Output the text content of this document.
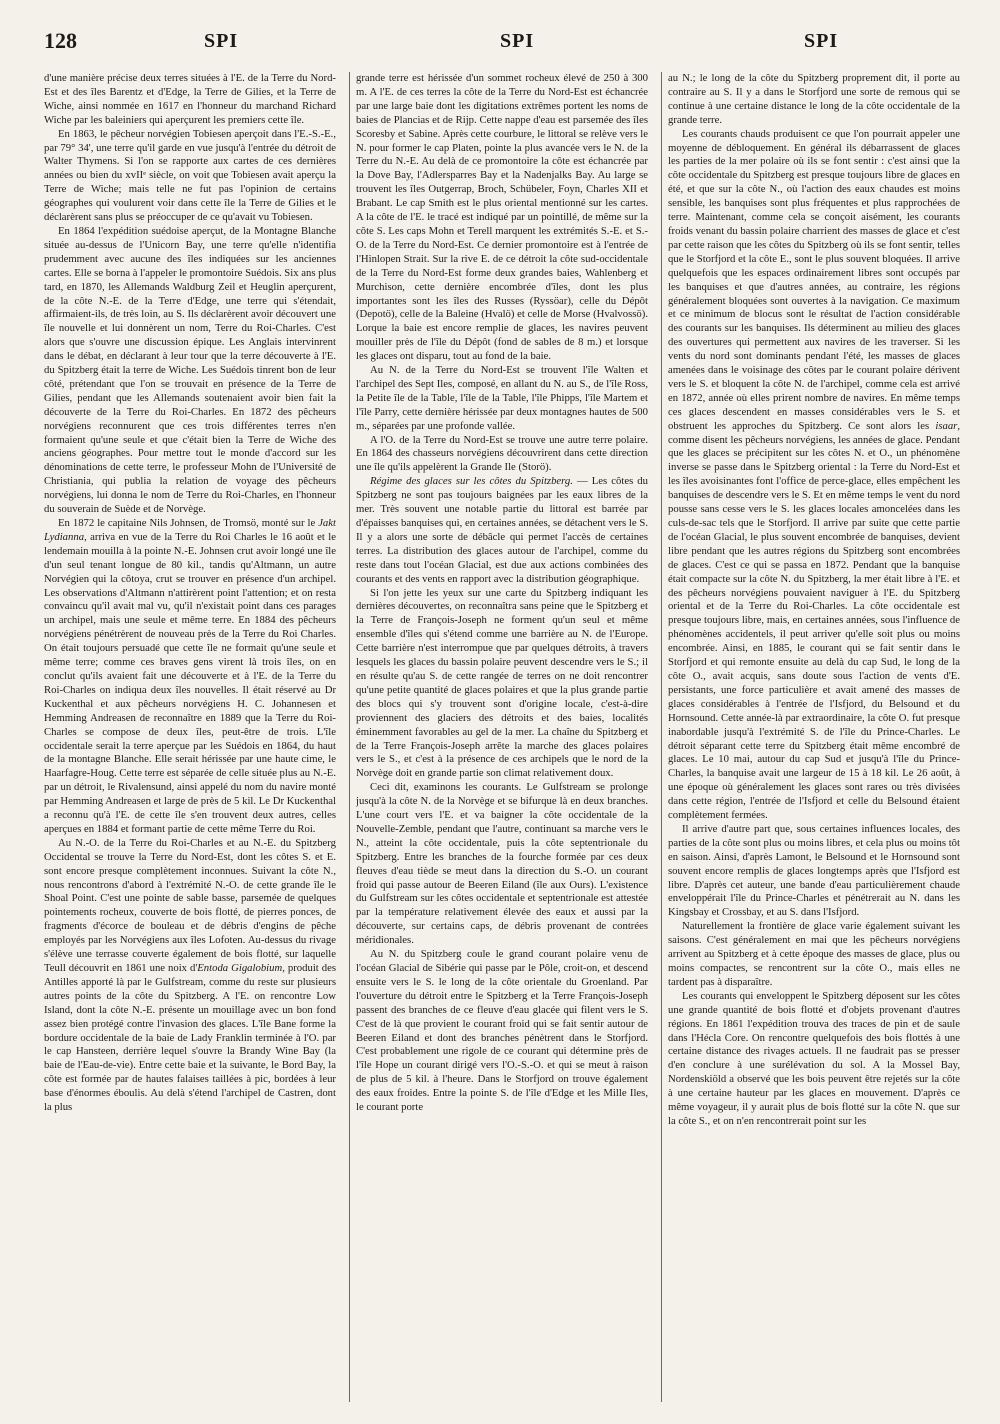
128	SPI	SPI	SPI

d'une manière précise deux terres situées à l'E. de la Terre du Nord-Est et des îles Barentz et d'Edge, la Terre de Gilies, et la Terre de Wiche, ainsi nommée en 1617 en l'honneur du marchand Richard Wiche par les baleiniers qui aperçurent les premiers cette île.

En 1863, le pêcheur norvégien Tobiesen aperçoit dans l'E.-S.-E., par 79° 34', une terre qu'il garde en vue jusqu'à l'entrée du détroit de Walter Thymens. Si l'on se rapporte aux cartes de ces dernières années ou bien du xvIIᵉ siècle, on voit que Tobiesen avait aperçu la Terre de Wiche; mais telle ne fut pas l'opinion de certains géographes qui voulurent voir dans cette île la Terre de Gilies et le déclarèrent sans plus se préoccuper de ce qu'avait vu Tobiesen.

En 1864 l'expédition suédoise aperçut, de la Montagne Blanche située au-dessus de l'Unicorn Bay, une terre qu'elle n'identifia prudemment avec aucune des îles indiquées sur les anciennes cartes. Elle se borna à l'appeler le promontoire Suédois. Six ans plus tard, en 1870, les Allemands Waldburg Zeil et Heuglin aperçurent, de la côte N.-E. de la Terre d'Edge, une terre qui s'étendait, affirmaient-ils, de très loin, au S. Ils déclarèrent avoir découvert une île nouvelle et lui donnèrent un nom, Terre du Roi-Charles. C'est alors que s'ouvre une discussion épique. Les Anglais intervinrent dans le débat, en déclarant à leur tour que la terre découverte à l'E. du Spitzberg était la terre de Wiche. Les Suédois tinrent bon de leur côté, prétendant que l'on se trouvait en présence de la Terre de Gilies, pendant que les Allemands soutenaient avoir bien fait la découverte de la Terre du Roi-Charles. En 1872 des pêcheurs norvégiens reconnurent que ces trois différentes terres n'en formaient qu'une seule et que c'était bien la Terre de Wiche des anciens géographes. Pour mettre tout le monde d'accord sur les dénominations de cette terre, le professeur Mohn de l'Université de Christiania, qui publia la relation de voyage des pêcheurs norvégiens, lui donna le nom de Terre du Roi-Charles, en l'honneur du souverain de Suède et de Norvège.

En 1872 le capitaine Nils Johnsen, de Tromsö, monté sur le Jakt Lydianna, arriva en vue de la Terre du Roi Charles le 16 août et le lendemain mouilla à la pointe N.-E. Johnsen crut avoir longé une île d'un seul tenant longue de 80 kil., tandis qu'Altmann, un autre Norvégien qui la côtoya, crut se trouver en présence d'un archipel. Les observations d'Altmann n'attirèrent point l'attention; et on resta convaincu qu'il avait mal vu, qu'il n'existait point dans ces parages un archipel, mais une seule et même terre. En 1884 des pêcheurs norvégiens pénétrèrent de nouveau près de la Terre du Roi Charles. On était toujours persuadé que cette île ne formait qu'une seule et même terre; comme ces braves gens virent là trois îles, on en conclut qu'ils avaient fait une découverte et à l'E. de la Terre du Roi-Charles on indiqua deux îles nouvelles. Il était réservé au Dr Kuckenthal et aux pêcheurs norvégiens H. C. Johannesen et Hemming Andreasen de reconnaître en 1889 que la Terre du Roi-Charles se compose de deux îles, peut-être de trois. L'île occidentale serait la terre aperçue par les Suédois en 1864, du haut de la montagne Blanche. Elle serait hérissée par une haute cime, le Haarfagre-Houg. Cette terre est séparée de celle située plus au N.-E. par un détroit, le Rivalensund, ainsi appelé du nom du navire monté par Hemming Andreasen et large de près de 5 kil. Le Dr Kuckenthal a reconnu qu'à l'E. de cette île s'en trouvent deux autres, celles aperçues en 1884 et formant partie de cette même Terre du Roi.

Au N.-O. de la Terre du Roi-Charles et au N.-E. du Spitzberg Occidental se trouve la Terre du Nord-Est, dont les côtes S. et E. sont encore presque complètement inconnues. Suivant la côte N., nous rencontrons d'abord à l'extrémité N.-O. de cette grande île le Shoal Point. C'est une pointe de sable basse, parsemée de quelques pointements rocheux, couverte de bois flotté, de pierres ponces, de fragments d'écorce de bouleau et de débris d'engins de pêche employés par les Norvégiens aux îles Lofoten. Au-dessus du rivage s'élève une terrasse couverte également de bois flotté, sur laquelle Teull découvrit en 1861 une noix d'Entoda Gigalobium, produit des Antilles apporté là par le Gulfstream, comme du reste sur plusieurs autres points de la côte du Spitzberg. A l'E. on rencontre Low Island, dont la côte N.-E. présente un mouillage avec un bon fond assez bien protégé contre l'invasion des glaces. L'île Bane forme la bordure occidentale de la baie de Lady Franklin terminée à l'O. par le cap Hansteen, derrière lequel s'ouvre la Brandy Wine Bay (la baie de l'Eau-de-vie). Entre cette baie et la suivante, le Bord Bay, la côte est formée par de hautes falaises taillées à pic, bordées à leur base d'énormes éboulis. Au delà s'étend l'archipel de Castren, dont la plus

grande terre est hérissée d'un sommet rocheux élevé de 250 à 300 m. A l'E. de ces terres la côte de la Terre du Nord-Est est échancrée par une large baie dont les digitations extrêmes portent les noms de baies de Plancias et de Rijp. Cette nappe d'eau est parsemée des îles Scoresby et Sabine. Après cette courbure, le littoral se relève vers le N. pour former le cap Platen, pointe la plus avancée vers le N. de la Terre du N.-E. Au delà de ce promontoire la côte est échancrée par la Dove Bay, l'Adlersparres Bay et la Nadenjalks Bay. Au large se trouvent les îles Outgerrap, Broch, Schübeler, Foyn, Charles XII et Brabant. Le cap Smith est le plus oriental mentionné sur les cartes. A la côte de l'E. le tracé est indiqué par un pointillé, de même sur la côte S. Les caps Mohn et Terell marquent les extrémités S.-E. et S.-O. de la Terre du Nord-Est. Ce dernier promontoire est à l'entrée de l'Hinlopen Strait. Sur la rive E. de ce détroit la côte sud-occidentale de la Terre du Nord-Est forme deux grandes baies, Wahlenberg et Murchison, cette dernière encombrée d'îles, dont les plus importantes sont les îles des Russes (Ryssöar), celle du Dépôt (Depotö), celle de la Baleine (Hvalö) et celle de Morse (Hvalvossö). Lorque la baie est encore remplie de glaces, les navires peuvent mouiller près de l'île du Dépôt (fond de sables de 8 m.) et lorsque les glaces ont disparu, tout au fond de la baie.

Au N. de la Terre du Nord-Est se trouvent l'île Walten et l'archipel des Sept Iles, composé, en allant du N. au S., de l'île Ross, la Petite île de la Table, l'île de la Table, l'île Phipps, l'île Martem et l'île Parry, cette dernière hérissée par deux montagnes hautes de 500 m., séparées par une profonde vallée.

A l'O. de la Terre du Nord-Est se trouve une autre terre polaire. En 1864 des chasseurs norvégiens découvrirent dans cette direction une île qu'ils appelèrent la Grande Ile (Storö).

Régime des glaces sur les côtes du Spitzberg. — Les côtes du Spitzberg ne sont pas toujours baignées par les eaux libres de la mer. Très souvent une notable partie du littoral est barrée par d'épaisses banquises qui, en certaines années, se détachent vers le S. Il y a alors une sorte de débâcle qui permet l'accès de certaines terres. La distribution des glaces autour de l'archipel, comme du reste dans tout l'océan Glacial, est due aux actions combinées des courants et des vents en rapport avec la distribution géographique.

Si l'on jette les yeux sur une carte du Spitzberg indiquant les dernières découvertes, on reconnaîtra sans peine que le Spitzberg et la Terre de François-Joseph ne forment qu'un seul et même ensemble d'îles qui s'étend comme une barrière au N. de l'Europe. Cette barrière n'est interrompue que par quelques détroits, à travers lesquels les glaces du bassin polaire peuvent descendre vers le S.; il en résulte qu'au S. de cette rangée de terres on ne doit rencontrer qu'une petite quantité de glaces polaires et que la plus grande partie des blocs qui s'y trouvent sont d'origine locale, c'est-à-dire proviennent des glaciers des détroits et des baies, localités éminemment favorables au gel de la mer. La chaîne du Spitzberg et de la Terre François-Joseph arrête la marche des glaces polaires vers le S., et c'est à la présence de ces archipels que le nord de la Norvège doit en grande partie son climat relativement doux.

Ceci dit, examinons les courants. Le Gulfstream se prolonge jusqu'à la côte N. de la Norvège et se bifurque là en deux branches. L'une court vers l'E. et va baigner la côte occidentale de la Nouvelle-Zemble, pendant que l'autre, continuant sa marche vers le N., atteint la côte occidentale, puis la côte septentrionale du Spitzberg. Entre les branches de la fourche formée par ces deux fleuves d'eau tiède se meut dans la direction du S.-O. un courant froid qui passe autour de Beeren Eiland (île aux Ours). L'existence du Gulfstream sur les côtes occidentale et septentrionale est attestée par la température relativement élevée des eaux et aussi par la découverte, sur certains caps, de débris provenant de contrées méridionales.

Au N. du Spitzberg coule le grand courant polaire venu de l'océan Glacial de Sibérie qui passe par le Pôle, croit-on, et descend ensuite vers le S. le long de la côte orientale du Groenland. Par l'ouverture du détroit entre le Spitzberg et la Terre François-Joseph passent des branches de ce fleuve d'eau glacée qui filent vers le S. C'est de là que provient le courant froid qui se fait sentir autour de Beeren Eiland et dont des branches pénètrent dans le Storfjord. C'est probablement une rigole de ce courant qui détermine près de l'île Hope un courant dirigé vers l'O.-S.-O. et qui se meut à raison de plus de 5 kil. à l'heure. Dans le Storfjord on trouve également des eaux froides. Entre la pointe S. de l'île d'Edge et les Mille Iles, le courant porte

au N.; le long de la côte du Spitzberg proprement dit, il porte au contraire au S. Il y a dans le Storfjord une sorte de remous qui se continue à une certaine distance le long de la côte occidentale de la grande terre.

Les courants chauds produisent ce que l'on pourrait appeler une moyenne de débloquement. En général ils débarrassent de glaces les parties de la mer polaire où ils se font sentir : c'est ainsi que la côte occidentale du Spitzberg est presque toujours libre de glaces en été, et que sur la côte N., où l'action des eaux chaudes est moins sensible, les banquises sont plus fréquentes et plus rapprochées de terre. Maintenant, comme cela se conçoit aisément, les courants froids venant du bassin polaire charrient des masses de glace et c'est par cette raison que les côtes du Spitzberg où ils se font sentir, telles que le Storfjord et la côte E., sont le plus souvent bloquées. Il arrive quelquefois que les espaces ordinairement libres sont occupés par les banquises et que d'autres années, au contraire, les régions généralement bloquées sont ouvertes à la navigation. Ce maximum et ce minimum de blocus sont le résultat de l'action considérable des courants sur les banquises. Ils déterminent au milieu des glaces des ouvertures qui permettent aux navires de les traverser. Si les vents du nord sont dominants pendant l'été, les masses de glaces amenées dans le voisinage des côtes par le courant polaire dérivent vers le S. et bloquent la côte N. de l'archipel, comme cela est arrivé en 1872, année où elles prirent nombre de navires. En même temps ces glaces descendent en masses considérables vers le S. et obstruent les approches du Spitzberg. Ce sont alors les isaar, comme disent les pêcheurs norvégiens, les années de glace. Pendant que les glaces se précipitent sur les côtes N. et O., un phénomène inverse se passe dans le Spitzberg oriental : la Terre du Nord-Est et les îles avoisinantes font l'office de perce-glace, elles empêchent les banquises de descendre vers le S. Et en même temps le vent du nord pousse sans cesse vers le S. les glaces locales amoncelées dans les culs-de-sac tels que le Storfjord. Il arrive par suite que cette partie de l'océan Glacial, le plus souvent encombrée de banquises, devient libre pendant que les autres régions du Spitzberg sont encombrées de glaces. C'est ce qui se passa en 1872. Pendant que la banquise était compacte sur la côte N. du Spitzberg, la mer était libre à l'E. et des pêcheurs norvégiens pouvaient naviguer à l'E. du Spitzberg oriental et de la Terre du Roi-Charles. La côte occidentale est presque toujours libre, mais, en certaines années, sous l'influence de phénomènes accidentels, il peut arriver qu'elle soit plus ou moins encombrée. Ainsi, en 1885, le courant qui se fait sentir dans le Storfjord et qui remonte ensuite au delà du cap Sud, le long de la côte O., avait acquis, sans doute sous l'action de vents d'E. persistants, une force particulière et avait amené des masses de glaces considérables à l'entrée de l'Isfjord, du Belsound et du Hornsound. Cette année-là par extraordinaire, la côte O. fut presque inabordable jusqu'à l'extrémité S. de l'île du Prince-Charles. Le détroit séparant cette terre du Spitzberg était même encombré de glaces. Le 10 mai, autour du cap Sud et jusqu'à l'île du Prince-Charles, la banquise avait une largeur de 15 à 18 kil. Le 26 août, à une époque où généralement les glaces sont rares ou très divisées dans cette région, l'entrée de l'Isfjord et celle du Belsound étaient complètement fermées.

Il arrive d'autre part que, sous certaines influences locales, des parties de la côte sont plus ou moins libres, et cela plus ou moins tôt en saison. Ainsi, d'après Lamont, le Belsound et le Hornsound sont souvent encore remplis de glaces longtemps après que l'Isfjord est libre. D'après cet auteur, une bande d'eau particulièrement chaude enveloppérait l'île du Prince-Charles et pénétrerait au N. dans les Kingsbay et Crossbay, et au S. dans l'Isfjord.

Naturellement la frontière de glace varie également suivant les saisons. C'est généralement en mai que les pêcheurs norvégiens arrivent au Spitzberg et à cette époque des masses de glace, plus ou moins compactes, se rencontrent sur la côte O., mais elles ne tardent pas à disparaître.

Les courants qui enveloppent le Spitzberg déposent sur les côtes une grande quantité de bois flotté et d'objets provenant d'autres régions. En 1861 l'expédition trouva des traces de pin et de saule dans l'Hécla Core. On rencontre quelquefois des bois flottés à une certaine distance des rivages actuels. Il ne faudrait pas se presser d'en conclure à une surélévation du sol. A la Mossel Bay, Nordenskiöld a observé que les bois peuvent être rejetés sur la côte à une certaine hauteur par les glaces en mouvement. D'après ce même voyageur, il y aurait plus de bois flotté sur la côte N. que sur la côte S., et on n'en rencontrerait point sur les
